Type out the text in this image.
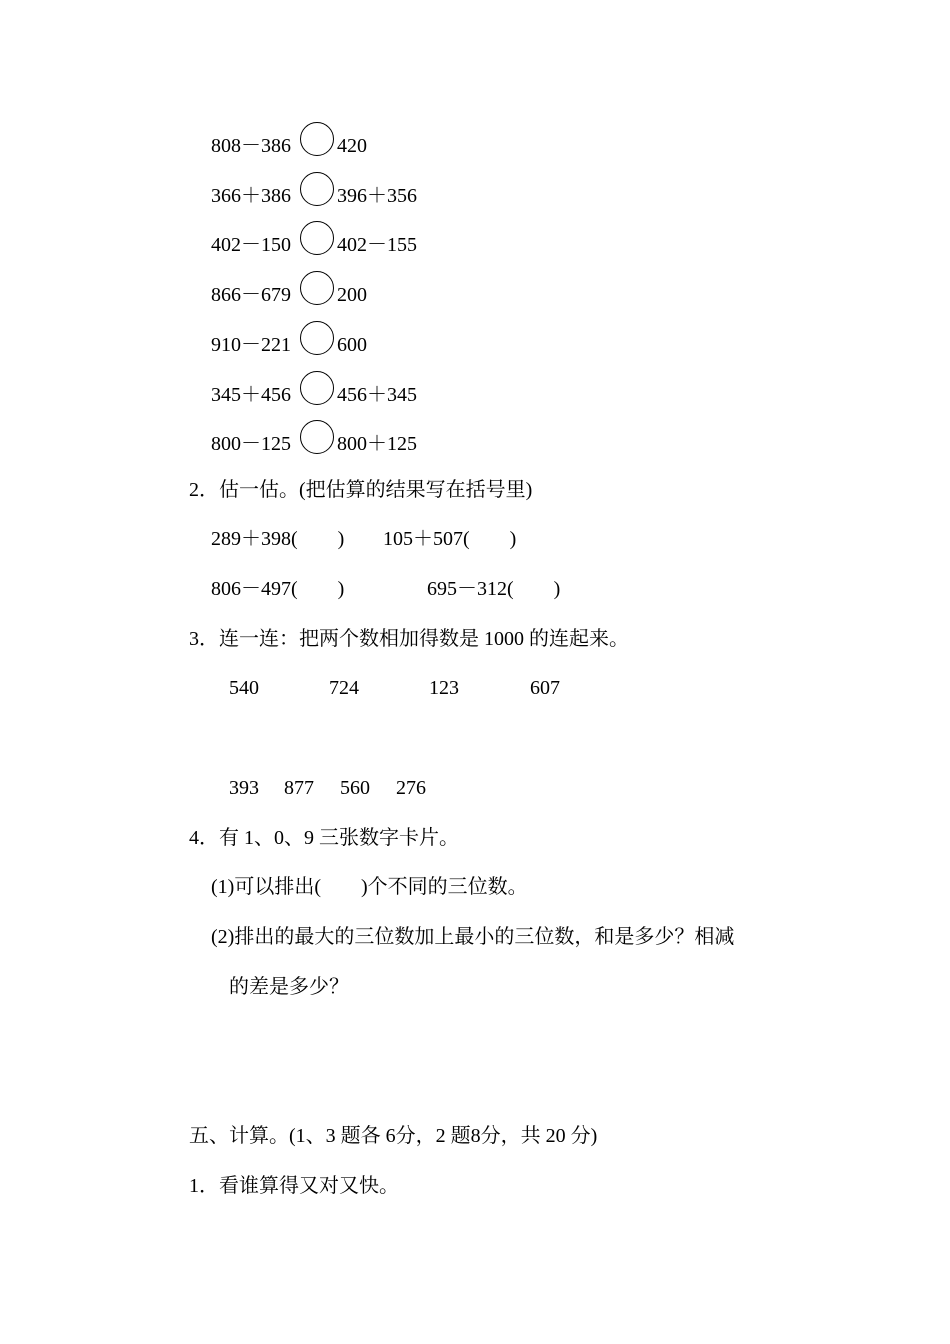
808－386 420
366＋386 396＋356
402－150 402－155
866－679 200
910－221 600
345＋456 456＋345
800－125 800＋125
2．估一估。(把估算的结果写在括号里)
289＋398(　　) 105＋507(　　)
806－497(　　)	695－312(　　)
3．连一连：把两个数相加得数是 1000 的连起来。
540	724	123	607
393 877 560 276
4．有 1、0、9 三张数字卡片。
(1)可以排出(　　)个不同的三位数。
(2)排出的最大的三位数加上最小的三位数，和是多少？相减
的差是多少？
五、计算。(1、3 题各 6分，2 题8分，共 20 分)
1．看谁算得又对又快。
